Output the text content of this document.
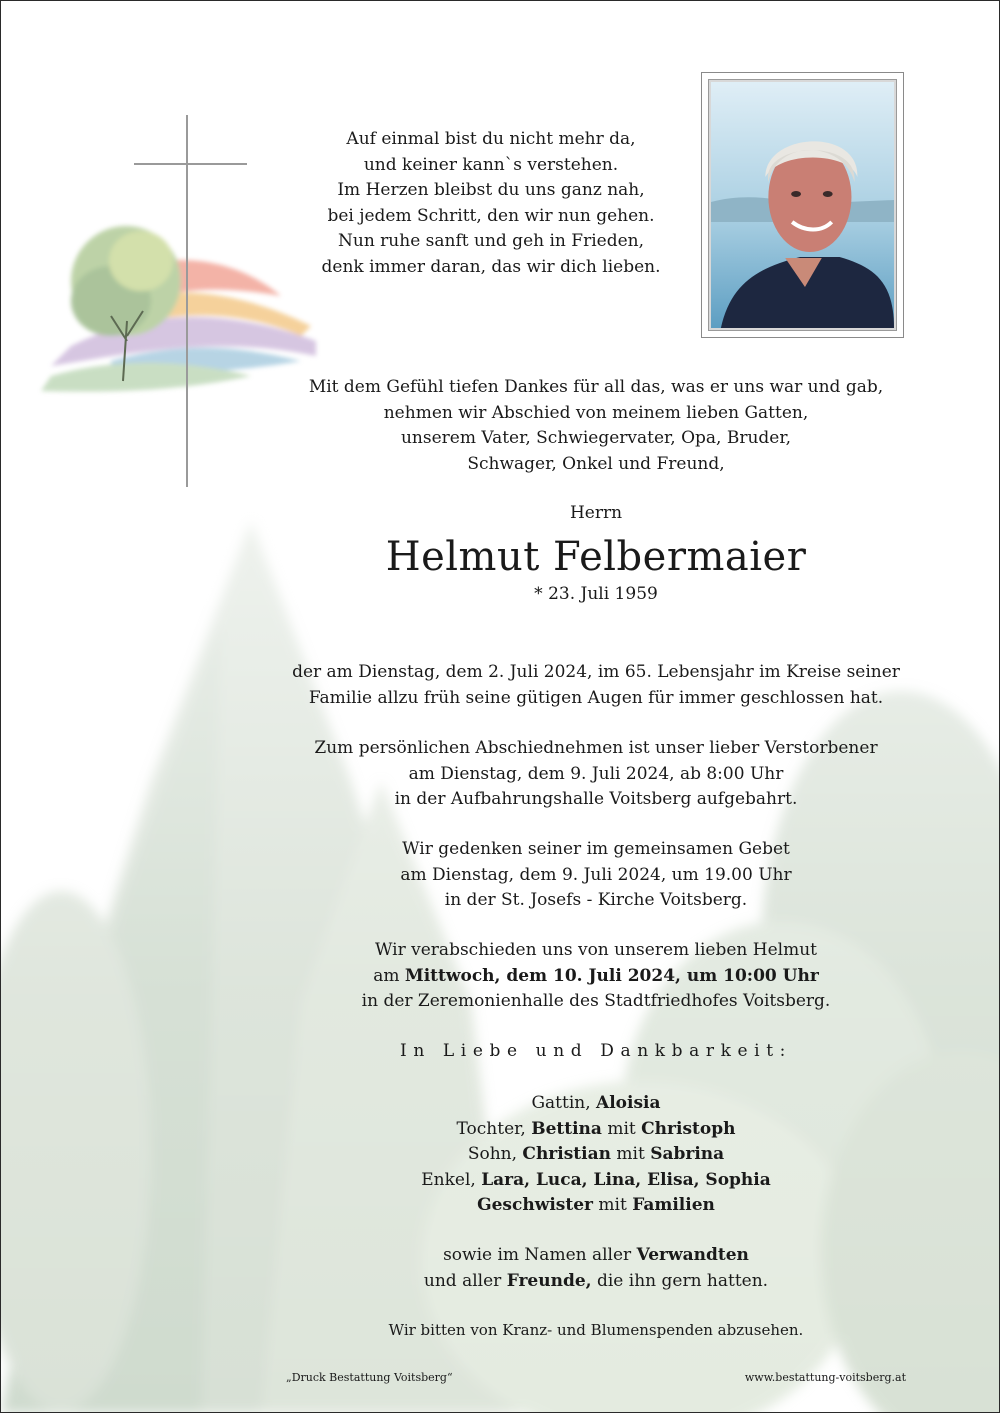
Auf einmal bist du nicht mehr da,
und keiner kann`s verstehen.
Im Herzen bleibst du uns ganz nah,
bei jedem Schritt, den wir nun gehen.
Nun ruhe sanft und geh in Frieden,
denk immer daran, das wir dich lieben.
Mit dem Gefühl tiefen Dankes für all das, was er uns war und gab,
nehmen wir Abschied von meinem lieben Gatten,
unserem Vater, Schwiegervater, Opa, Bruder,
Schwager, Onkel und Freund,
Herrn
Helmut Felbermaier
* 23. Juli 1959
der am Dienstag, dem 2. Juli 2024, im 65. Lebensjahr im Kreise seiner
Familie allzu früh seine gütigen Augen für immer geschlossen hat.
Zum persönlichen Abschiednehmen ist unser lieber Verstorbener
am Dienstag, dem 9. Juli 2024, ab 8:00 Uhr
in der Aufbahrungshalle Voitsberg aufgebahrt.
Wir gedenken seiner im gemeinsamen Gebet
am Dienstag, dem 9. Juli 2024, um 19.00 Uhr
in der St. Josefs - Kirche Voitsberg.
Wir verabschieden uns von unserem lieben Helmut
am Mittwoch, dem 10. Juli 2024, um 10:00 Uhr
in der Zeremonienhalle des Stadtfriedhofes Voitsberg.
In Liebe und Dankbarkeit:
Gattin, Aloisia
Tochter, Bettina mit Christoph
Sohn, Christian mit Sabrina
Enkel, Lara, Luca, Lina, Elisa, Sophia
Geschwister mit Familien
sowie im Namen aller Verwandten
und aller Freunde, die ihn gern hatten.
Wir bitten von Kranz- und Blumenspenden abzusehen.
„Druck Bestattung Voitsberg“	www.bestattung-voitsberg.at
